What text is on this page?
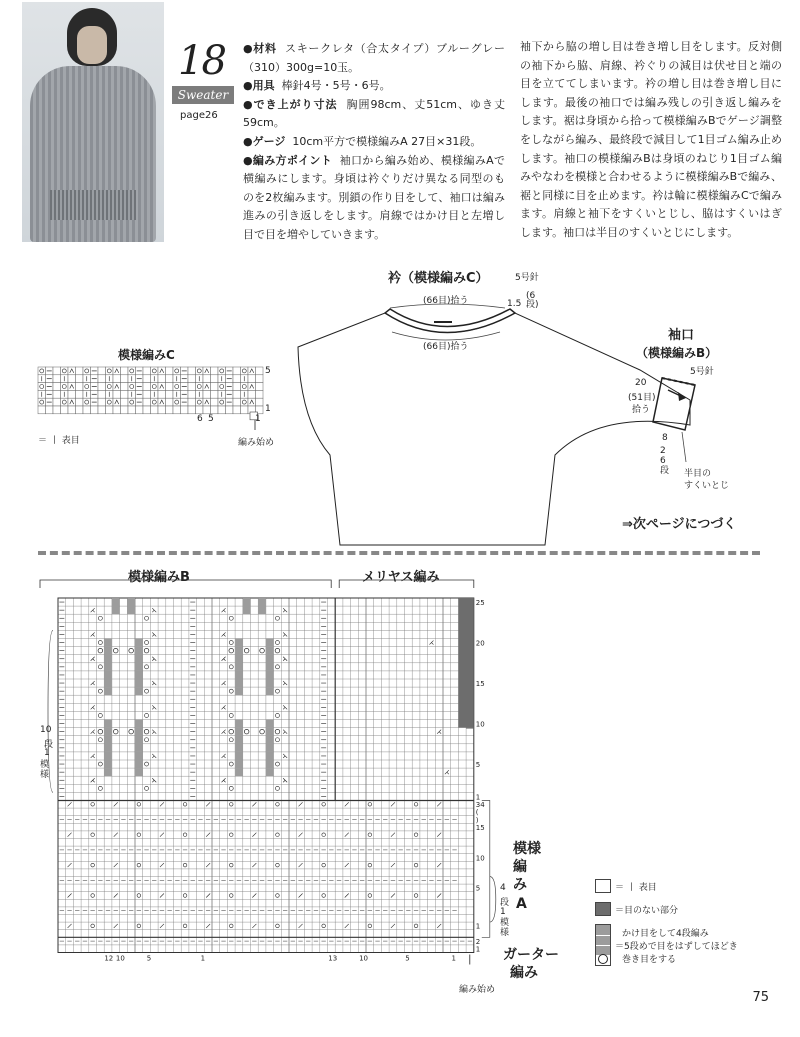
18
Sweater
page26

●材料 スキークレタ（合太タイプ）ブルーグレー（310）300g=10玉。

●用具 棒針4号・5号・6号。

●でき上がり寸法 胸囲98cm、丈51cm、ゆき丈59cm。

●ゲージ 10cm平方で模様編みA 27目×31段。

●編み方ポイント 袖口から編み始め、模様編みAで横編みにします。身頃は衿ぐりだけ異なる同型のものを2枚編みます。別鎖の作り目をして、袖口は編み進みの引き返しをします。肩線ではかけ目と左増し目で目を増やしていきます。

袖下から脇の増し目は巻き増し目をします。反対側の袖下から脇、肩線、衿ぐりの減目は伏せ目と端の目を立ててしまいます。衿の増し目は巻き増し目にします。最後の袖口では編み残しの引き返し編みをします。裾は身頃から拾って模様編みBでゲージ調整をしながら編み、最終段で減目して1目ゴム編み止めします。袖口の模様編みBは身頃のねじり1目ゴム編みやなわを模様と合わせるように模様編みBで編み、裾と同様に目を止めます。衿は輪に模様編みCで編みます。肩線と袖下をすくいとじし、脇はすくいはぎします。袖口は半目のすくいとじにします。

衿（模様編みC）	5号針
(66目)拾う
(66目)拾う
1.5
(6段)
袖口
（模様編みB）
5号針
20
(51目)
拾う
8
26段 半目の
すくいとじ
⇒次ページにつづく
模様編みC
＝ 丨 表目	編み始め
5
1
6 5	1
模様編みB	メリヤス編み
25
20
15
10
5
1
34
(
)
15
10
5
1
2
1
12 10	5	1	13	10	5	1
10
段
1
模様
模様
編み
A
4
段
1
模様
ガーター
編み
編み始め
＝ 丨 表目
＝目のない部分
かけ目をして4段編み
＝5段めで目をはずしてほどき
巻き目をする
75
